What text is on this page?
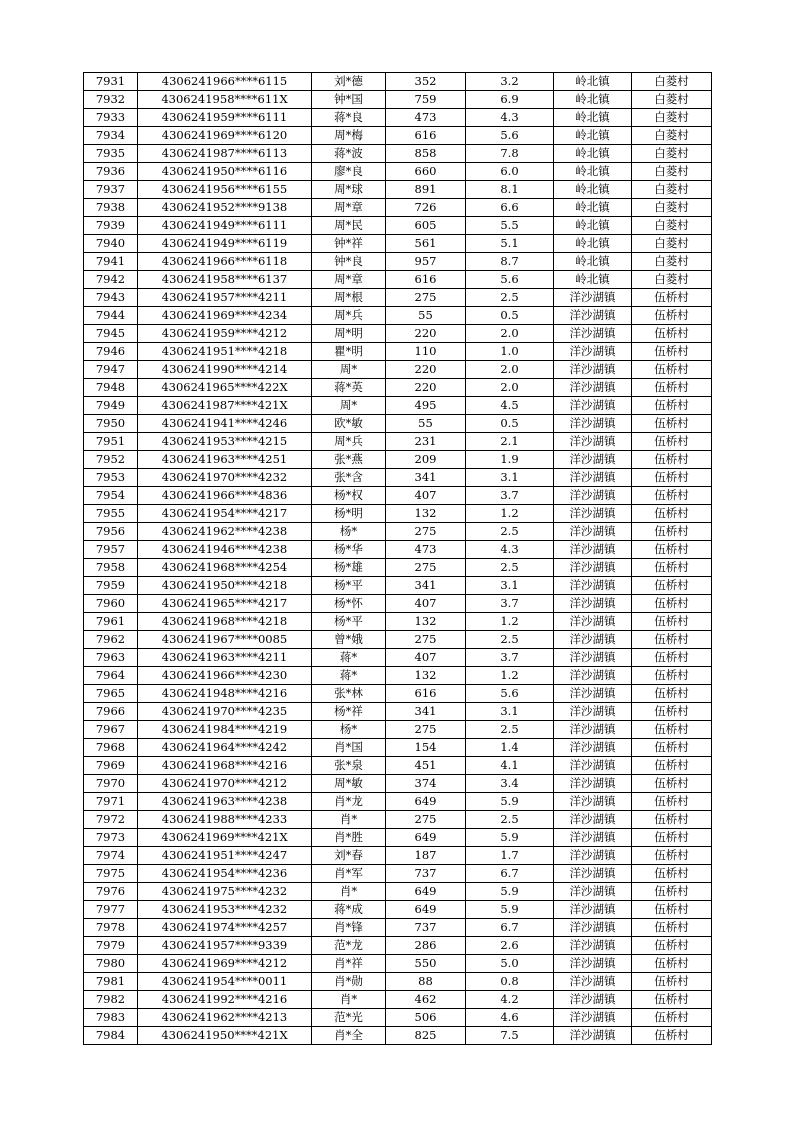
7931	4306241966****6115	刘*德	352	3.2	岭北镇	白菱村
7932	4306241958****611X	钟*国	759	6.9	岭北镇	白菱村
7933	4306241959****6111	蒋*良	473	4.3	岭北镇	白菱村
7934	4306241969****6120	周*梅	616	5.6	岭北镇	白菱村
7935	4306241987****6113	蒋*波	858	7.8	岭北镇	白菱村
7936	4306241950****6116	廖*良	660	6.0	岭北镇	白菱村
7937	4306241956****6155	周*球	891	8.1	岭北镇	白菱村
7938	4306241952****9138	周*章	726	6.6	岭北镇	白菱村
7939	4306241949****6111	周*民	605	5.5	岭北镇	白菱村
7940	4306241949****6119	钟*祥	561	5.1	岭北镇	白菱村
7941	4306241966****6118	钟*良	957	8.7	岭北镇	白菱村
7942	4306241958****6137	周*章	616	5.6	岭北镇	白菱村
7943	4306241957****4211	周*根	275	2.5	洋沙湖镇	伍桥村
7944	4306241969****4234	周*兵	55	0.5	洋沙湖镇	伍桥村
7945	4306241959****4212	周*明	220	2.0	洋沙湖镇	伍桥村
7946	4306241951****4218	瞿*明	110	1.0	洋沙湖镇	伍桥村
7947	4306241990****4214	周*	220	2.0	洋沙湖镇	伍桥村
7948	4306241965****422X	蒋*英	220	2.0	洋沙湖镇	伍桥村
7949	4306241987****421X	周*	495	4.5	洋沙湖镇	伍桥村
7950	4306241941****4246	欧*敏	55	0.5	洋沙湖镇	伍桥村
7951	4306241953****4215	周*兵	231	2.1	洋沙湖镇	伍桥村
7952	4306241963****4251	张*燕	209	1.9	洋沙湖镇	伍桥村
7953	4306241970****4232	张*含	341	3.1	洋沙湖镇	伍桥村
7954	4306241966****4836	杨*权	407	3.7	洋沙湖镇	伍桥村
7955	4306241954****4217	杨*明	132	1.2	洋沙湖镇	伍桥村
7956	4306241962****4238	杨*	275	2.5	洋沙湖镇	伍桥村
7957	4306241946****4238	杨*华	473	4.3	洋沙湖镇	伍桥村
7958	4306241968****4254	杨*雄	275	2.5	洋沙湖镇	伍桥村
7959	4306241950****4218	杨*平	341	3.1	洋沙湖镇	伍桥村
7960	4306241965****4217	杨*怀	407	3.7	洋沙湖镇	伍桥村
7961	4306241968****4218	杨*平	132	1.2	洋沙湖镇	伍桥村
7962	4306241967****0085	曾*娥	275	2.5	洋沙湖镇	伍桥村
7963	4306241963****4211	蒋*	407	3.7	洋沙湖镇	伍桥村
7964	4306241966****4230	蒋*	132	1.2	洋沙湖镇	伍桥村
7965	4306241948****4216	张*林	616	5.6	洋沙湖镇	伍桥村
7966	4306241970****4235	杨*祥	341	3.1	洋沙湖镇	伍桥村
7967	4306241984****4219	杨*	275	2.5	洋沙湖镇	伍桥村
7968	4306241964****4242	肖*国	154	1.4	洋沙湖镇	伍桥村
7969	4306241968****4216	张*泉	451	4.1	洋沙湖镇	伍桥村
7970	4306241970****4212	周*敏	374	3.4	洋沙湖镇	伍桥村
7971	4306241963****4238	肖*龙	649	5.9	洋沙湖镇	伍桥村
7972	4306241988****4233	肖*	275	2.5	洋沙湖镇	伍桥村
7973	4306241969****421X	肖*胜	649	5.9	洋沙湖镇	伍桥村
7974	4306241951****4247	刘*春	187	1.7	洋沙湖镇	伍桥村
7975	4306241954****4236	肖*军	737	6.7	洋沙湖镇	伍桥村
7976	4306241975****4232	肖*	649	5.9	洋沙湖镇	伍桥村
7977	4306241953****4232	蒋*成	649	5.9	洋沙湖镇	伍桥村
7978	4306241974****4257	肖*锋	737	6.7	洋沙湖镇	伍桥村
7979	4306241957****9339	范*龙	286	2.6	洋沙湖镇	伍桥村
7980	4306241969****4212	肖*祥	550	5.0	洋沙湖镇	伍桥村
7981	4306241954****0011	肖*勋	88	0.8	洋沙湖镇	伍桥村
7982	4306241992****4216	肖*	462	4.2	洋沙湖镇	伍桥村
7983	4306241962****4213	范*光	506	4.6	洋沙湖镇	伍桥村
7984	4306241950****421X	肖*全	825	7.5	洋沙湖镇	伍桥村
